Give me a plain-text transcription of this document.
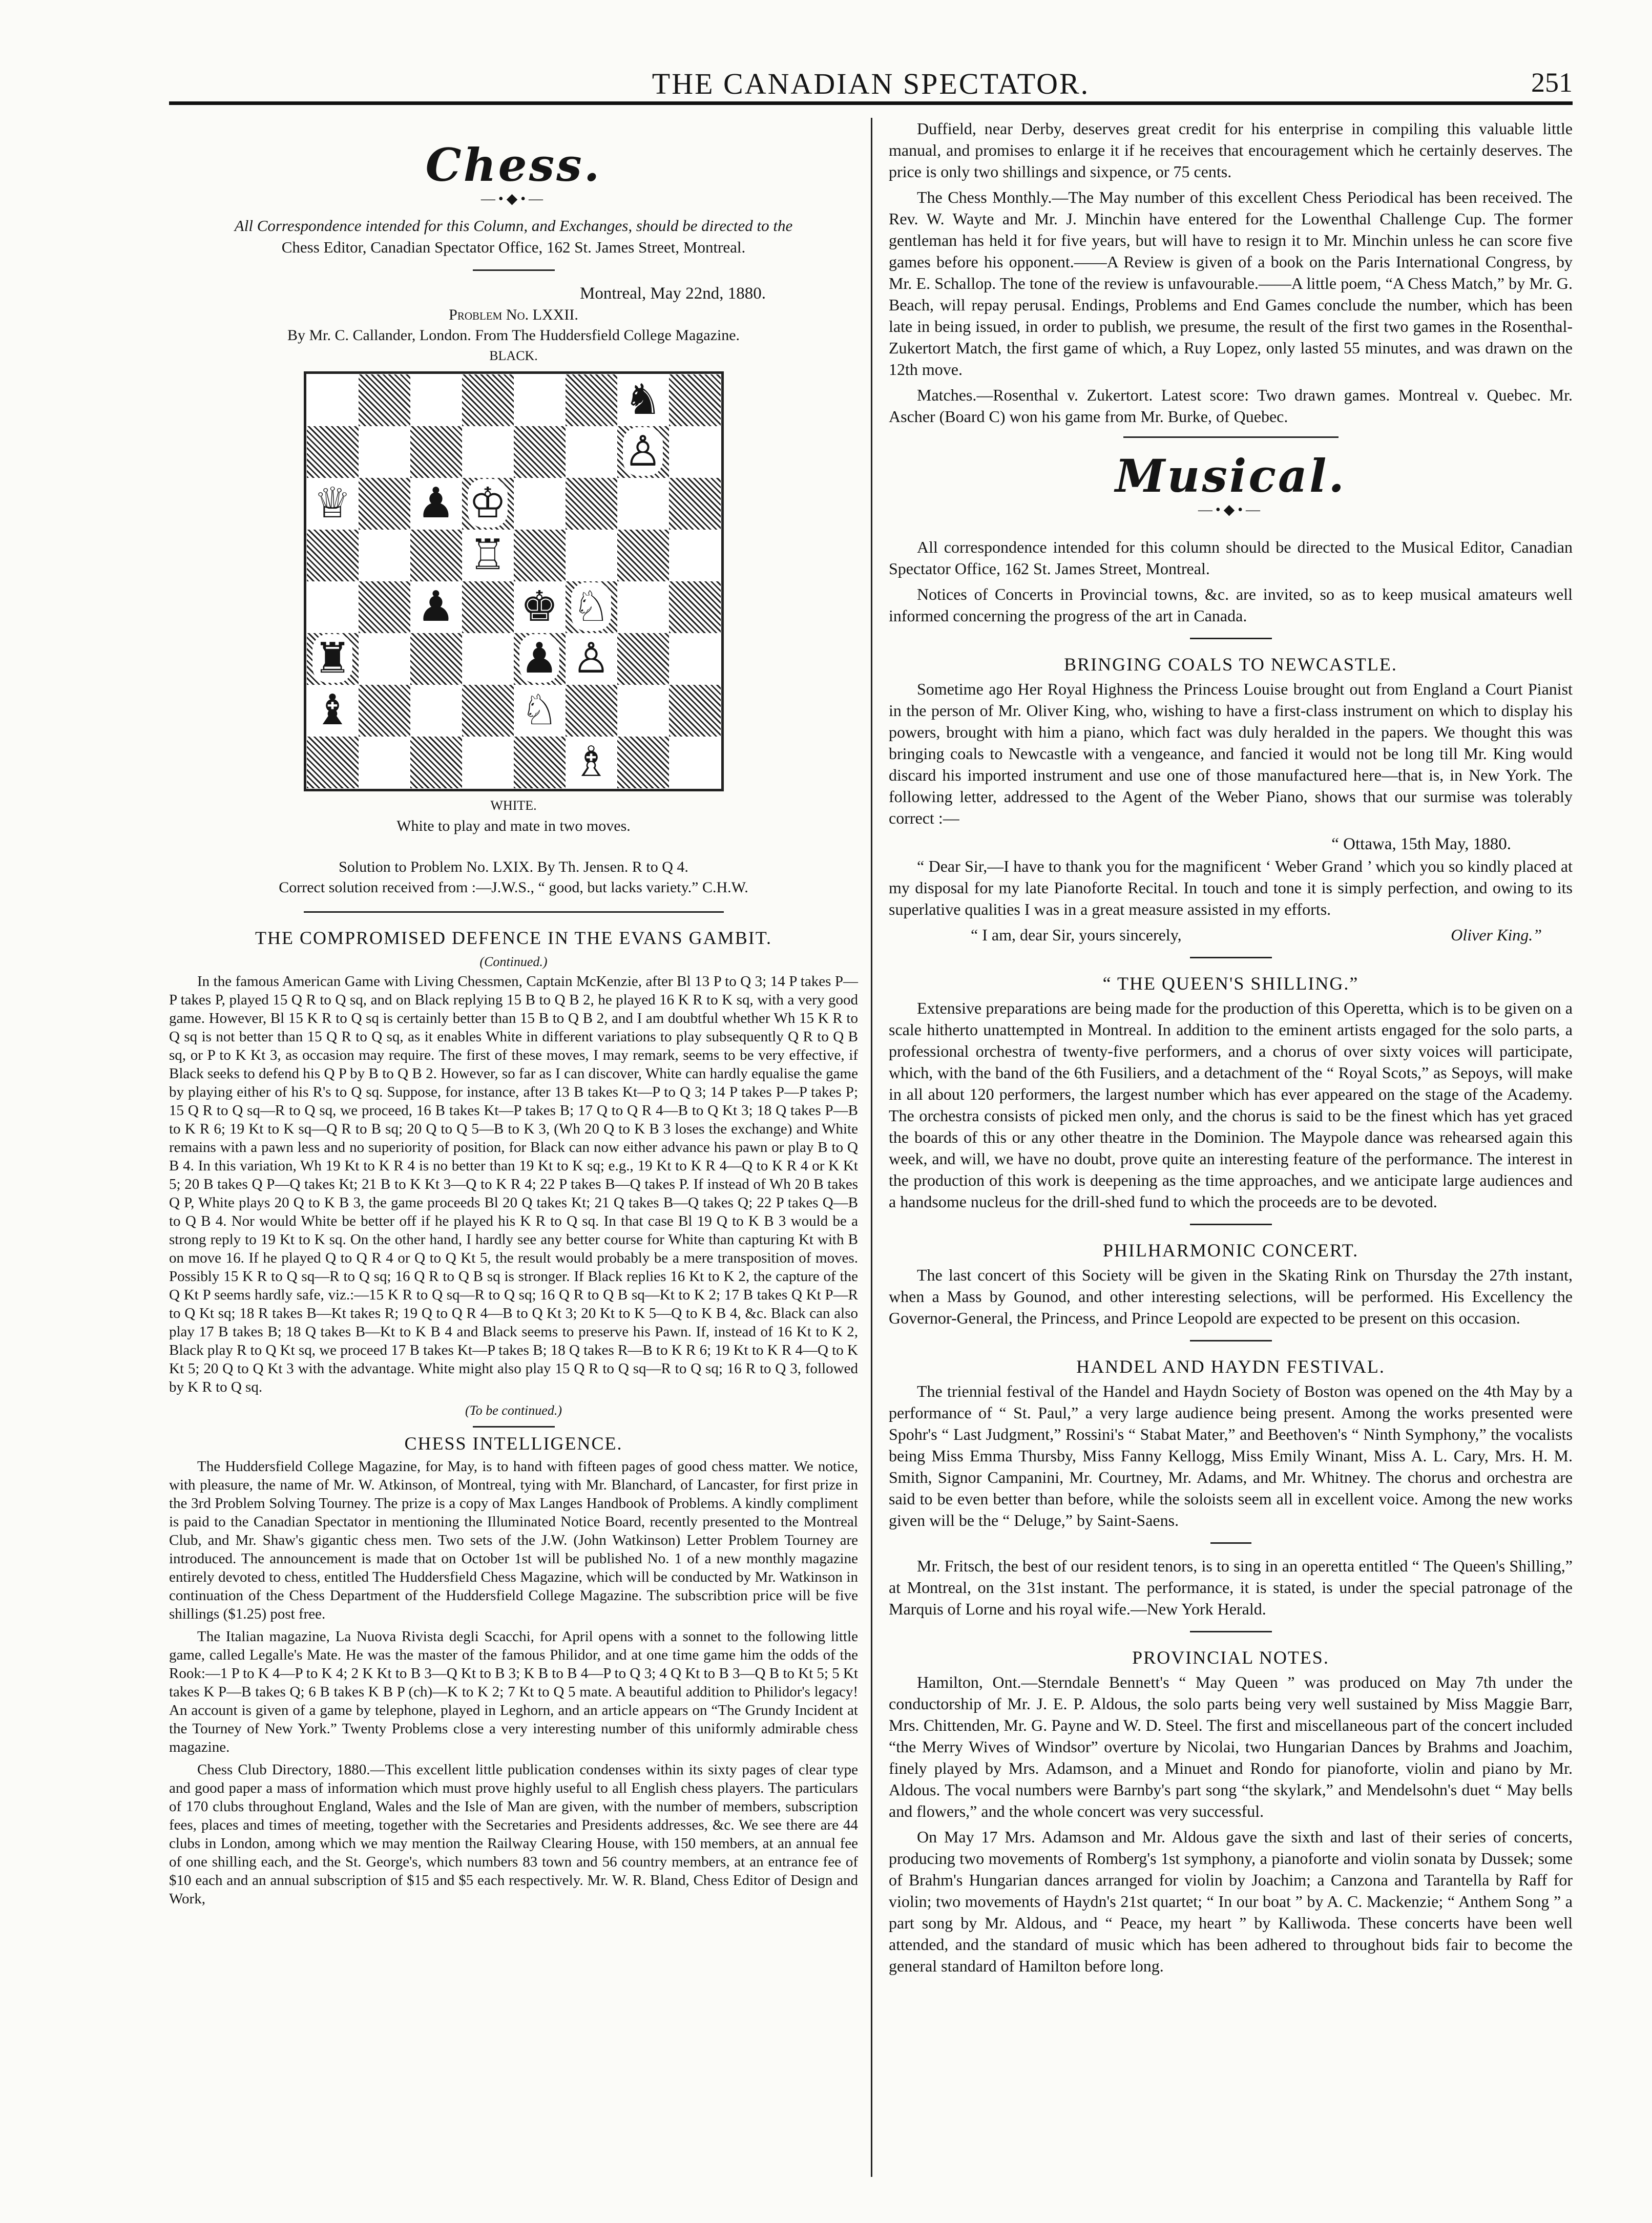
THE CANADIAN SPECTATOR.	251
Chess.
—•◆•—
All Correspondence intended for this Column, and Exchanges, should be directed to the
Chess Editor, Canadian Spectator Office, 162 St. James Street, Montreal.
Montreal, May 22nd, 1880.
Problem No. LXXII.
By Mr. C. Callander, London. From The Huddersfield College Magazine.
BLACK.
♞
♙
♕ ♟ ♔
♖
♟ ♚ ♘
♜	♟ ♙
♝	♘
♗
WHITE.
White to play and mate in two moves.
Solution to Problem No. LXIX. By Th. Jensen. R to Q 4.
Correct solution received from :—J.W.S., “ good, but lacks variety.” C.H.W.
THE COMPROMISED DEFENCE IN THE EVANS GAMBIT.
(Continued.)

In the famous American Game with Living Chessmen, Captain McKenzie, after Bl 13 P to Q 3; 14 P takes P—P takes P, played 15 Q R to Q sq, and on Black replying 15 B to Q B 2, he played 16 K R to K sq, with a very good game. However, Bl 15 K R to Q sq is certainly better than 15 B to Q B 2, and I am doubtful whether Wh 15 K R to Q sq is not better than 15 Q R to Q sq, as it enables White in different variations to play subsequently Q R to Q B sq, or P to K Kt 3, as occasion may require. The first of these moves, I may remark, seems to be very effective, if Black seeks to defend his Q P by B to Q B 2. However, so far as I can discover, White can hardly equalise the game by playing either of his R's to Q sq. Suppose, for instance, after 13 B takes Kt—P to Q 3; 14 P takes P—P takes P; 15 Q R to Q sq—R to Q sq, we proceed, 16 B takes Kt—P takes B; 17 Q to Q R 4—B to Q Kt 3; 18 Q takes P—B to K R 6; 19 Kt to K sq—Q R to B sq; 20 Q to Q 5—B to K 3, (Wh 20 Q to K B 3 loses the exchange) and White remains with a pawn less and no superiority of position, for Black can now either advance his pawn or play B to Q B 4. In this variation, Wh 19 Kt to K R 4 is no better than 19 Kt to K sq; e.g., 19 Kt to K R 4—Q to K R 4 or K Kt 5; 20 B takes Q P—Q takes Kt; 21 B to K Kt 3—Q to K R 4; 22 P takes B—Q takes P. If instead of Wh 20 B takes Q P, White plays 20 Q to K B 3, the game proceeds Bl 20 Q takes Kt; 21 Q takes B—Q takes Q; 22 P takes Q—B to Q B 4. Nor would White be better off if he played his K R to Q sq. In that case Bl 19 Q to K B 3 would be a strong reply to 19 Kt to K sq. On the other hand, I hardly see any better course for White than capturing Kt with B on move 16. If he played Q to Q R 4 or Q to Q Kt 5, the result would probably be a mere transposition of moves. Possibly 15 K R to Q sq—R to Q sq; 16 Q R to Q B sq is stronger. If Black replies 16 Kt to K 2, the capture of the Q Kt P seems hardly safe, viz.:—15 K R to Q sq—R to Q sq; 16 Q R to Q B sq—Kt to K 2; 17 B takes Q Kt P—R to Q Kt sq; 18 R takes B—Kt takes R; 19 Q to Q R 4—B to Q Kt 3; 20 Kt to K 5—Q to K B 4, &c. Black can also play 17 B takes B; 18 Q takes B—Kt to K B 4 and Black seems to preserve his Pawn. If, instead of 16 Kt to K 2, Black play R to Q Kt sq, we proceed 17 B takes Kt—P takes B; 18 Q takes R—B to K R 6; 19 Kt to K R 4—Q to K Kt 5; 20 Q to Q Kt 3 with the advantage. White might also play 15 Q R to Q sq—R to Q sq; 16 R to Q 3, followed by K R to Q sq.

(To be continued.)
CHESS INTELLIGENCE.

The Huddersfield College Magazine, for May, is to hand with fifteen pages of good chess matter. We notice, with pleasure, the name of Mr. W. Atkinson, of Montreal, tying with Mr. Blanchard, of Lancaster, for first prize in the 3rd Problem Solving Tourney. The prize is a copy of Max Langes Handbook of Problems. A kindly compliment is paid to the Canadian Spectator in mentioning the Illuminated Notice Board, recently presented to the Montreal Club, and Mr. Shaw's gigantic chess men. Two sets of the J.W. (John Watkinson) Letter Problem Tourney are introduced. The announcement is made that on October 1st will be published No. 1 of a new monthly magazine entirely devoted to chess, entitled The Huddersfield Chess Magazine, which will be conducted by Mr. Watkinson in continuation of the Chess Department of the Huddersfield College Magazine. The subscribtion price will be five shillings ($1.25) post free.

The Italian magazine, La Nuova Rivista degli Scacchi, for April opens with a sonnet to the following little game, called Legalle's Mate. He was the master of the famous Philidor, and at one time game him the odds of the Rook:—1 P to K 4—P to K 4; 2 K Kt to B 3—Q Kt to B 3; K B to B 4—P to Q 3; 4 Q Kt to B 3—Q B to Kt 5; 5 Kt takes K P—B takes Q; 6 B takes K B P (ch)—K to K 2; 7 Kt to Q 5 mate. A beautiful addition to Philidor's legacy! An account is given of a game by telephone, played in Leghorn, and an article appears on “The Grundy Incident at the Tourney of New York.” Twenty Problems close a very interesting number of this uniformly admirable chess magazine.

Chess Club Directory, 1880.—This excellent little publication condenses within its sixty pages of clear type and good paper a mass of information which must prove highly useful to all English chess players. The particulars of 170 clubs throughout England, Wales and the Isle of Man are given, with the number of members, subscription fees, places and times of meeting, together with the Secretaries and Presidents addresses, &c. We see there are 44 clubs in London, among which we may mention the Railway Clearing House, with 150 members, at an annual fee of one shilling each, and the St. George's, which numbers 83 town and 56 country members, at an entrance fee of $10 each and an annual subscription of $15 and $5 each respectively. Mr. W. R. Bland, Chess Editor of Design and Work,

Duffield, near Derby, deserves great credit for his enterprise in compiling this valuable little manual, and promises to enlarge it if he receives that encouragement which he certainly deserves. The price is only two shillings and sixpence, or 75 cents.

The Chess Monthly.—The May number of this excellent Chess Periodical has been received. The Rev. W. Wayte and Mr. J. Minchin have entered for the Lowenthal Challenge Cup. The former gentleman has held it for five years, but will have to resign it to Mr. Minchin unless he can score five games before his opponent.——A Review is given of a book on the Paris International Congress, by Mr. E. Schallop. The tone of the review is unfavourable.——A little poem, “A Chess Match,” by Mr. G. Beach, will repay perusal. Endings, Problems and End Games conclude the number, which has been late in being issued, in order to publish, we presume, the result of the first two games in the Rosenthal-Zukertort Match, the first game of which, a Ruy Lopez, only lasted 55 minutes, and was drawn on the 12th move.

Matches.—Rosenthal v. Zukertort. Latest score: Two drawn games. Montreal v. Quebec. Mr. Ascher (Board C) won his game from Mr. Burke, of Quebec.

Musical.
—•◆•—

All correspondence intended for this column should be directed to the Musical Editor, Canadian Spectator Office, 162 St. James Street, Montreal.

Notices of Concerts in Provincial towns, &c. are invited, so as to keep musical amateurs well informed concerning the progress of the art in Canada.

BRINGING COALS TO NEWCASTLE.

Sometime ago Her Royal Highness the Princess Louise brought out from England a Court Pianist in the person of Mr. Oliver King, who, wishing to have a first-class instrument on which to display his powers, brought with him a piano, which fact was duly heralded in the papers. We thought this was bringing coals to Newcastle with a vengeance, and fancied it would not be long till Mr. King would discard his imported instrument and use one of those manufactured here—that is, in New York. The following letter, addressed to the Agent of the Weber Piano, shows that our surmise was tolerably correct :—

“ Ottawa, 15th May, 1880.

“ Dear Sir,—I have to thank you for the magnificent ‘ Weber Grand ’ which you so kindly placed at my disposal for my late Pianoforte Recital. In touch and tone it is simply perfection, and owing to its superlative qualities I was in a great measure assisted in my efforts.

“ I am, dear Sir, yours sincerely,	Oliver King.”
“ THE QUEEN'S SHILLING.”

Extensive preparations are being made for the production of this Operetta, which is to be given on a scale hitherto unattempted in Montreal. In addition to the eminent artists engaged for the solo parts, a professional orchestra of twenty-five performers, and a chorus of over sixty voices will participate, which, with the band of the 6th Fusiliers, and a detachment of the “ Royal Scots,” as Sepoys, will make in all about 120 performers, the largest number which has ever appeared on the stage of the Academy. The orchestra consists of picked men only, and the chorus is said to be the finest which has yet graced the boards of this or any other theatre in the Dominion. The Maypole dance was rehearsed again this week, and will, we have no doubt, prove quite an interesting feature of the performance. The interest in the production of this work is deepening as the time approaches, and we anticipate large audiences and a handsome nucleus for the drill-shed fund to which the proceeds are to be devoted.

PHILHARMONIC CONCERT.

The last concert of this Society will be given in the Skating Rink on Thursday the 27th instant, when a Mass by Gounod, and other interesting selections, will be performed. His Excellency the Governor-General, the Princess, and Prince Leopold are expected to be present on this occasion.

HANDEL AND HAYDN FESTIVAL.

The triennial festival of the Handel and Haydn Society of Boston was opened on the 4th May by a performance of “ St. Paul,” a very large audience being present. Among the works presented were Spohr's “ Last Judgment,” Rossini's “ Stabat Mater,” and Beethoven's “ Ninth Symphony,” the vocalists being Miss Emma Thursby, Miss Fanny Kellogg, Miss Emily Winant, Miss A. L. Cary, Mrs. H. M. Smith, Signor Campanini, Mr. Courtney, Mr. Adams, and Mr. Whitney. The chorus and orchestra are said to be even better than before, while the soloists seem all in excellent voice. Among the new works given will be the “ Deluge,” by Saint-Saens.

Mr. Fritsch, the best of our resident tenors, is to sing in an operetta entitled “ The Queen's Shilling,” at Montreal, on the 31st instant. The performance, it is stated, is under the special patronage of the Marquis of Lorne and his royal wife.—New York Herald.

PROVINCIAL NOTES.

Hamilton, Ont.—Sterndale Bennett's “ May Queen ” was produced on May 7th under the conductorship of Mr. J. E. P. Aldous, the solo parts being very well sustained by Miss Maggie Barr, Mrs. Chittenden, Mr. G. Payne and W. D. Steel. The first and miscellaneous part of the concert included “the Merry Wives of Windsor” overture by Nicolai, two Hungarian Dances by Brahms and Joachim, finely played by Mrs. Adamson, and a Minuet and Rondo for pianoforte, violin and piano by Mr. Aldous. The vocal numbers were Barnby's part song “the skylark,” and Mendelsohn's duet “ May bells and flowers,” and the whole concert was very successful.

On May 17 Mrs. Adamson and Mr. Aldous gave the sixth and last of their series of concerts, producing two movements of Romberg's 1st symphony, a pianoforte and violin sonata by Dussek; some of Brahm's Hungarian dances arranged for violin by Joachim; a Canzona and Tarantella by Raff for violin; two movements of Haydn's 21st quartet; “ In our boat ” by A. C. Mackenzie; “ Anthem Song ” a part song by Mr. Aldous, and “ Peace, my heart ” by Kalliwoda. These concerts have been well attended, and the standard of music which has been adhered to throughout bids fair to become the general standard of Hamilton before long.
